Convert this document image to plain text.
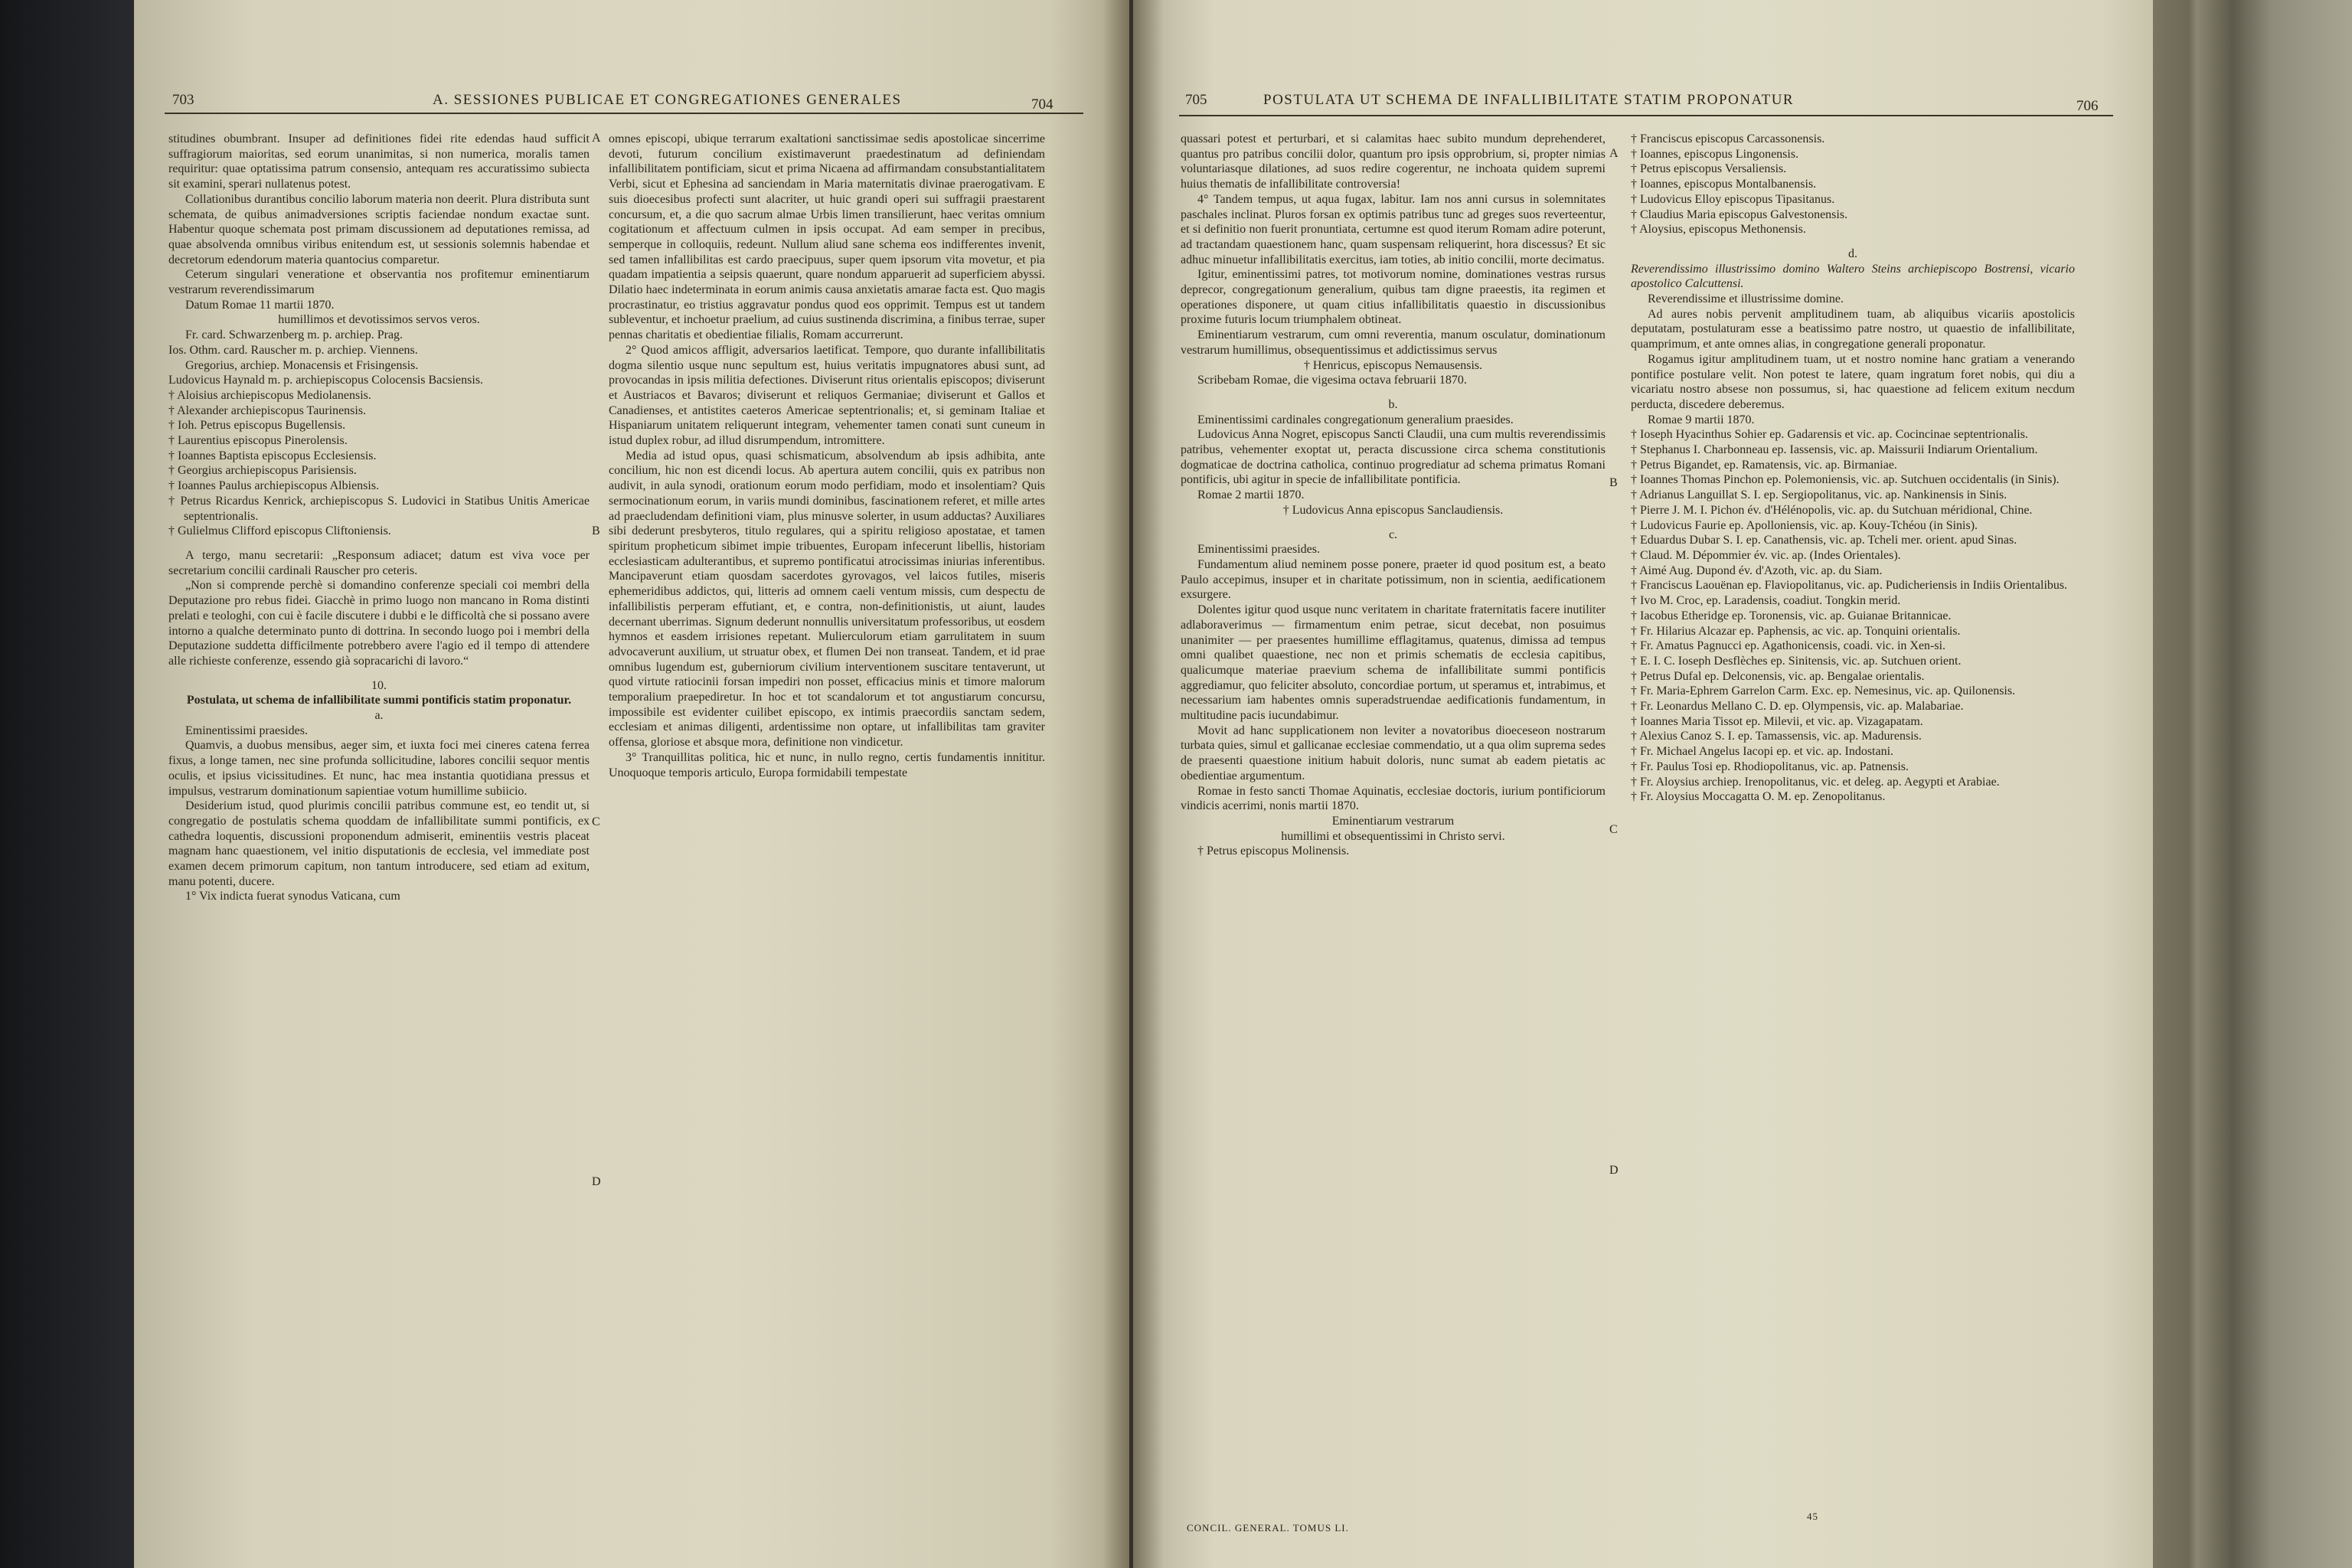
703	A. SESSIONES PUBLICAE ET CONGREGATIONES GENERALES	704

stitudines obumbrant. Insuper ad definitiones fidei rite edendas haud sufficit suffragiorum maioritas, sed eorum unanimitas, si non numerica, moralis tamen requiritur: quae optatissima patrum consensio, antequam res accuratissimo subiecta sit examini, sperari nullatenus potest.

Collationibus durantibus concilio laborum materia non deerit. Plura distributa sunt schemata, de quibus animadversiones scriptis faciendae nondum exactae sunt. Habentur quoque schemata post primam discussionem ad deputationes remissa, ad quae absolvenda omnibus viribus enitendum est, ut sessionis solemnis habendae et decretorum edendorum materia quantocius comparetur.

Ceterum singulari veneratione et observantia nos profitemur eminentiarum vestrarum reverendissimarum

Datum Romae 11 martii 1870.

humillimos et devotissimos servos veros.

Fr. card. Schwarzenberg m. p. archiep. Prag.

Ios. Othm. card. Rauscher m. p. archiep. Viennens.

Gregorius, archiep. Monacensis et Frisingensis.

Ludovicus Haynald m. p. archiepiscopus Colocensis Bacsiensis.

† Aloisius archiepiscopus Mediolanensis.

† Alexander archiepiscopus Taurinensis.

† Ioh. Petrus episcopus Bugellensis.

† Laurentius episcopus Pinerolensis.

† Ioannes Baptista episcopus Ecclesiensis.

† Georgius archiepiscopus Parisiensis.

† Ioannes Paulus archiepiscopus Albiensis.

† Petrus Ricardus Kenrick, archiepiscopus S. Ludovici in Statibus Unitis Americae septentrionalis.

† Gulielmus Clifford episcopus Cliftoniensis.

A tergo, manu secretarii: „Responsum adiacet; datum est viva voce per secretarium concilii cardinali Rauscher pro ceteris.

„Non si comprende perchè si domandino conferenze speciali coi membri della Deputazione pro rebus fidei. Giacchè in primo luogo non mancano in Roma distinti prelati e teologhi, con cui è facile discutere i dubbi e le difficoltà che si possano avere intorno a qualche determinato punto di dottrina. In secondo luogo poi i membri della Deputazione suddetta difficilmente potrebbero avere l'agio ed il tempo di attendere alle richieste conferenze, essendo già sopracarichi di lavoro.“

10.

Postulata, ut schema de infallibilitate summi pontificis statim proponatur.

a.

Eminentissimi praesides.

Quamvis, a duobus mensibus, aeger sim, et iuxta foci mei cineres catena ferrea fixus, a longe tamen, nec sine profunda sollicitudine, labores concilii sequor mentis oculis, et ipsius vicissitudines. Et nunc, hac mea instantia quotidiana pressus et impulsus, vestrarum dominationum sapientiae votum humillime subiicio.

Desiderium istud, quod plurimis concilii patribus commune est, eo tendit ut, si congregatio de postulatis schema quoddam de infallibilitate summi pontificis, ex cathedra loquentis, discussioni proponendum admiserit, eminentiis vestris placeat magnam hanc quaestionem, vel initio disputationis de ecclesia, vel immediate post examen decem primorum capitum, non tantum introducere, sed etiam ad exitum, manu potenti, ducere.

1° Vix indicta fuerat synodus Vaticana, cum

omnes episcopi, ubique terrarum exaltationi sanctissimae sedis apostolicae sincerrime devoti, futurum concilium existimaverunt praedestinatum ad definiendam infallibilitatem pontificiam, sicut et prima Nicaena ad affirmandam consubstantialitatem Verbi, sicut et Ephesina ad sanciendam in Maria maternitatis divinae praerogativam. E suis dioecesibus profecti sunt alacriter, ut huic grandi operi sui suffragii praestarent concursum, et, a die quo sacrum almae Urbis limen transilierunt, haec veritas omnium cogitationum et affectuum culmen in ipsis occupat. Ad eam semper in precibus, semperque in colloquiis, redeunt. Nullum aliud sane schema eos indifferentes invenit, sed tamen infallibilitas est cardo praecipuus, super quem ipsorum vita movetur, et pia quadam impatientia a seipsis quaerunt, quare nondum apparuerit ad superficiem abyssi. Dilatio haec indeterminata in eorum animis causa anxietatis amarae facta est. Quo magis procrastinatur, eo tristius aggravatur pondus quod eos opprimit. Tempus est ut tandem subleventur, et inchoetur praelium, ad cuius sustinenda discrimina, a finibus terrae, super pennas charitatis et obedientiae filialis, Romam accurrerunt.

2° Quod amicos affligit, adversarios laetificat. Tempore, quo durante infallibilitatis dogma silentio usque nunc sepultum est, huius veritatis impugnatores abusi sunt, ad provocandas in ipsis militia defectiones. Diviserunt ritus orientalis episcopos; diviserunt et Austriacos et Bavaros; diviserunt et reliquos Germaniae; diviserunt et Gallos et Canadienses, et antistites caeteros Americae septentrionalis; et, si geminam Italiae et Hispaniarum unitatem reliquerunt integram, vehementer tamen conati sunt cuneum in istud duplex robur, ad illud disrumpendum, intromittere.

Media ad istud opus, quasi schismaticum, absolvendum ab ipsis adhibita, ante concilium, hic non est dicendi locus. Ab apertura autem concilii, quis ex patribus non audivit, in aula synodi, orationum eorum modo perfidiam, modo et insolentiam? Quis sermocinationum eorum, in variis mundi dominibus, fascinationem referet, et mille artes ad praecludendam definitioni viam, plus minusve solerter, in usum adductas? Auxiliares sibi dederunt presbyteros, titulo regulares, qui a spiritu religioso apostatae, et tamen spiritum propheticum sibimet impie tribuentes, Europam infecerunt libellis, historiam ecclesiasticam adulterantibus, et supremo pontificatui atrocissimas iniurias inferentibus. Mancipaverunt etiam quosdam sacerdotes gyrovagos, vel laicos futiles, miseris ephemeridibus addictos, qui, litteris ad omnem caeli ventum missis, cum despectu de infallibilistis perperam effutiant, et, e contra, non-definitionistis, ut aiunt, laudes decernant uberrimas. Signum dederunt nonnullis universitatum professoribus, ut eosdem hymnos et easdem irrisiones repetant. Mulierculorum etiam garrulitatem in suum advocaverunt auxilium, ut struatur obex, et flumen Dei non transeat. Tandem, et id prae omnibus lugendum est, guberniorum civilium interventionem suscitare tentaverunt, ut quod virtute ratiocinii forsan impediri non posset, efficacius minis et timore malorum temporalium praepediretur. In hoc et tot scandalorum et tot angustiarum concursu, impossibile est evidenter cuilibet episcopo, ex intimis praecordiis sanctam sedem, ecclesiam et animas diligenti, ardentissime non optare, ut infallibilitas tam graviter offensa, gloriose et absque mora, definitione non vindicetur.

3° Tranquillitas politica, hic et nunc, in nullo regno, certis fundamentis innititur. Unoquoque temporis articulo, Europa formidabili tempestate

A
B
C
D
705	POSTULATA UT SCHEMA DE INFALLIBILITATE STATIM PROPONATUR	706

quassari potest et perturbari, et si calamitas haec subito mundum deprehenderet, quantus pro patribus concilii dolor, quantum pro ipsis opprobrium, si, propter nimias voluntariasque dilationes, ad suos redire cogerentur, ne inchoata quidem supremi huius thematis de infallibilitate controversia!

4° Tandem tempus, ut aqua fugax, labitur. Iam nos anni cursus in solemnitates paschales inclinat. Pluros forsan ex optimis patribus tunc ad greges suos reverteentur, et si definitio non fuerit pronuntiata, certumne est quod iterum Romam adire poterunt, ad tractandam quaestionem hanc, quam suspensam reliquerint, hora discessus? Et sic adhuc minuetur infallibilitatis exercitus, iam toties, ab initio concilii, morte decimatus.

Igitur, eminentissimi patres, tot motivorum nomine, dominationes vestras rursus deprecor, congregationum generalium, quibus tam digne praeestis, ita regimen et operationes disponere, ut quam citius infallibilitatis quaestio in discussionibus proxime futuris locum triumphalem obtineat.

Eminentiarum vestrarum, cum omni reverentia, manum osculatur, dominationum vestrarum humillimus, obsequentissimus et addictissimus servus

† Henricus, episcopus Nemausensis.

Scribebam Romae, die vigesima octava februarii 1870.

b.

Eminentissimi cardinales congregationum generalium praesides.

Ludovicus Anna Nogret, episcopus Sancti Claudii, una cum multis reverendissimis patribus, vehementer exoptat ut, peracta discussione circa schema constitutionis dogmaticae de doctrina catholica, continuo progrediatur ad schema primatus Romani pontificis, ubi agitur in specie de infallibilitate pontificia.

Romae 2 martii 1870.

† Ludovicus Anna episcopus Sanclaudiensis.

c.

Eminentissimi praesides.

Fundamentum aliud neminem posse ponere, praeter id quod positum est, a beato Paulo accepimus, insuper et in charitate potissimum, non in scientia, aedificationem exsurgere.

Dolentes igitur quod usque nunc veritatem in charitate fraternitatis facere inutiliter adlaboraverimus — firmamentum enim petrae, sicut decebat, non posuimus unanimiter — per praesentes humillime efflagitamus, quatenus, dimissa ad tempus omni qualibet quaestione, nec non et primis schematis de ecclesia capitibus, qualicumque materiae praevium schema de infallibilitate summi pontificis aggrediamur, quo feliciter absoluto, concordiae portum, ut speramus et, intrabimus, et necessarium iam habentes omnis superadstruendae aedificationis fundamentum, in multitudine pacis iucundabimur.

Movit ad hanc supplicationem non leviter a novatoribus dioeceseon nostrarum turbata quies, simul et gallicanae ecclesiae commendatio, ut a qua olim suprema sedes de praesenti quaestione initium habuit doloris, nunc sumat ab eadem pietatis ac obedientiae argumentum.

Romae in festo sancti Thomae Aquinatis, ecclesiae doctoris, iurium pontificiorum vindicis acerrimi, nonis martii 1870.

Eminentiarum vestrarum

humillimi et obsequentissimi in Christo servi.

† Petrus episcopus Molinensis.

† Franciscus episcopus Carcassonensis.

† Ioannes, episcopus Lingonensis.

† Petrus episcopus Versaliensis.

† Ioannes, episcopus Montalbanensis.

† Ludovicus Elloy episcopus Tipasitanus.

† Claudius Maria episcopus Galvestonensis.

† Aloysius, episcopus Methonensis.

d.

Reverendissimo illustrissimo domino Waltero Steins archiepiscopo Bostrensi, vicario apostolico Calcuttensi.

Reverendissime et illustrissime domine.

Ad aures nobis pervenit amplitudinem tuam, ab aliquibus vicariis apostolicis deputatam, postulaturam esse a beatissimo patre nostro, ut quaestio de infallibilitate, quamprimum, et ante omnes alias, in congregatione generali proponatur.

Rogamus igitur amplitudinem tuam, ut et nostro nomine hanc gratiam a venerando pontifice postulare velit. Non potest te latere, quam ingratum foret nobis, qui diu a vicariatu nostro absese non possumus, si, hac quaestione ad felicem exitum necdum perducta, discedere deberemus.

Romae 9 martii 1870.

† Ioseph Hyacinthus Sohier ep. Gadarensis et vic. ap. Cocincinae septentrionalis.

† Stephanus I. Charbonneau ep. Iassensis, vic. ap. Maissurii Indiarum Orientalium.

† Petrus Bigandet, ep. Ramatensis, vic. ap. Birmaniae.

† Ioannes Thomas Pinchon ep. Polemoniensis, vic. ap. Sutchuen occidentalis (in Sinis).

† Adrianus Languillat S. I. ep. Sergiopolitanus, vic. ap. Nankinensis in Sinis.

† Pierre J. M. I. Pichon év. d'Hélénopolis, vic. ap. du Sutchuan méridional, Chine.

† Ludovicus Faurie ep. Apolloniensis, vic. ap. Kouy-Tchéou (in Sinis).

† Eduardus Dubar S. I. ep. Canathensis, vic. ap. Tcheli mer. orient. apud Sinas.

† Claud. M. Dépommier év. vic. ap. (Indes Orientales).

† Aimé Aug. Dupond év. d'Azoth, vic. ap. du Siam.

† Franciscus Laouënan ep. Flaviopolitanus, vic. ap. Pudicheriensis in Indiis Orientalibus.

† Ivo M. Croc, ep. Laradensis, coadiut. Tongkin merid.

† Iacobus Etheridge ep. Toronensis, vic. ap. Guianae Britannicae.

† Fr. Hilarius Alcazar ep. Paphensis, ac vic. ap. Tonquini orientalis.

† Fr. Amatus Pagnucci ep. Agathonicensis, coadi. vic. in Xen-si.

† E. I. C. Ioseph Desflèches ep. Sinitensis, vic. ap. Sutchuen orient.

† Petrus Dufal ep. Delconensis, vic. ap. Bengalae orientalis.

† Fr. Maria-Ephrem Garrelon Carm. Exc. ep. Nemesinus, vic. ap. Quilonensis.

† Fr. Leonardus Mellano C. D. ep. Olympensis, vic. ap. Malabariae.

† Ioannes Maria Tissot ep. Milevii, et vic. ap. Vizagapatam.

† Alexius Canoz S. I. ep. Tamassensis, vic. ap. Madurensis.

† Fr. Michael Angelus Iacopi ep. et vic. ap. Indostani.

† Fr. Paulus Tosi ep. Rhodiopolitanus, vic. ap. Patnensis.

† Fr. Aloysius archiep. Irenopolitanus, vic. et deleg. ap. Aegypti et Arabiae.

† Fr. Aloysius Moccagatta O. M. ep. Zenopolitanus.

A
B
C
D
CONCIL. GENERAL. TOMUS LI.
45
